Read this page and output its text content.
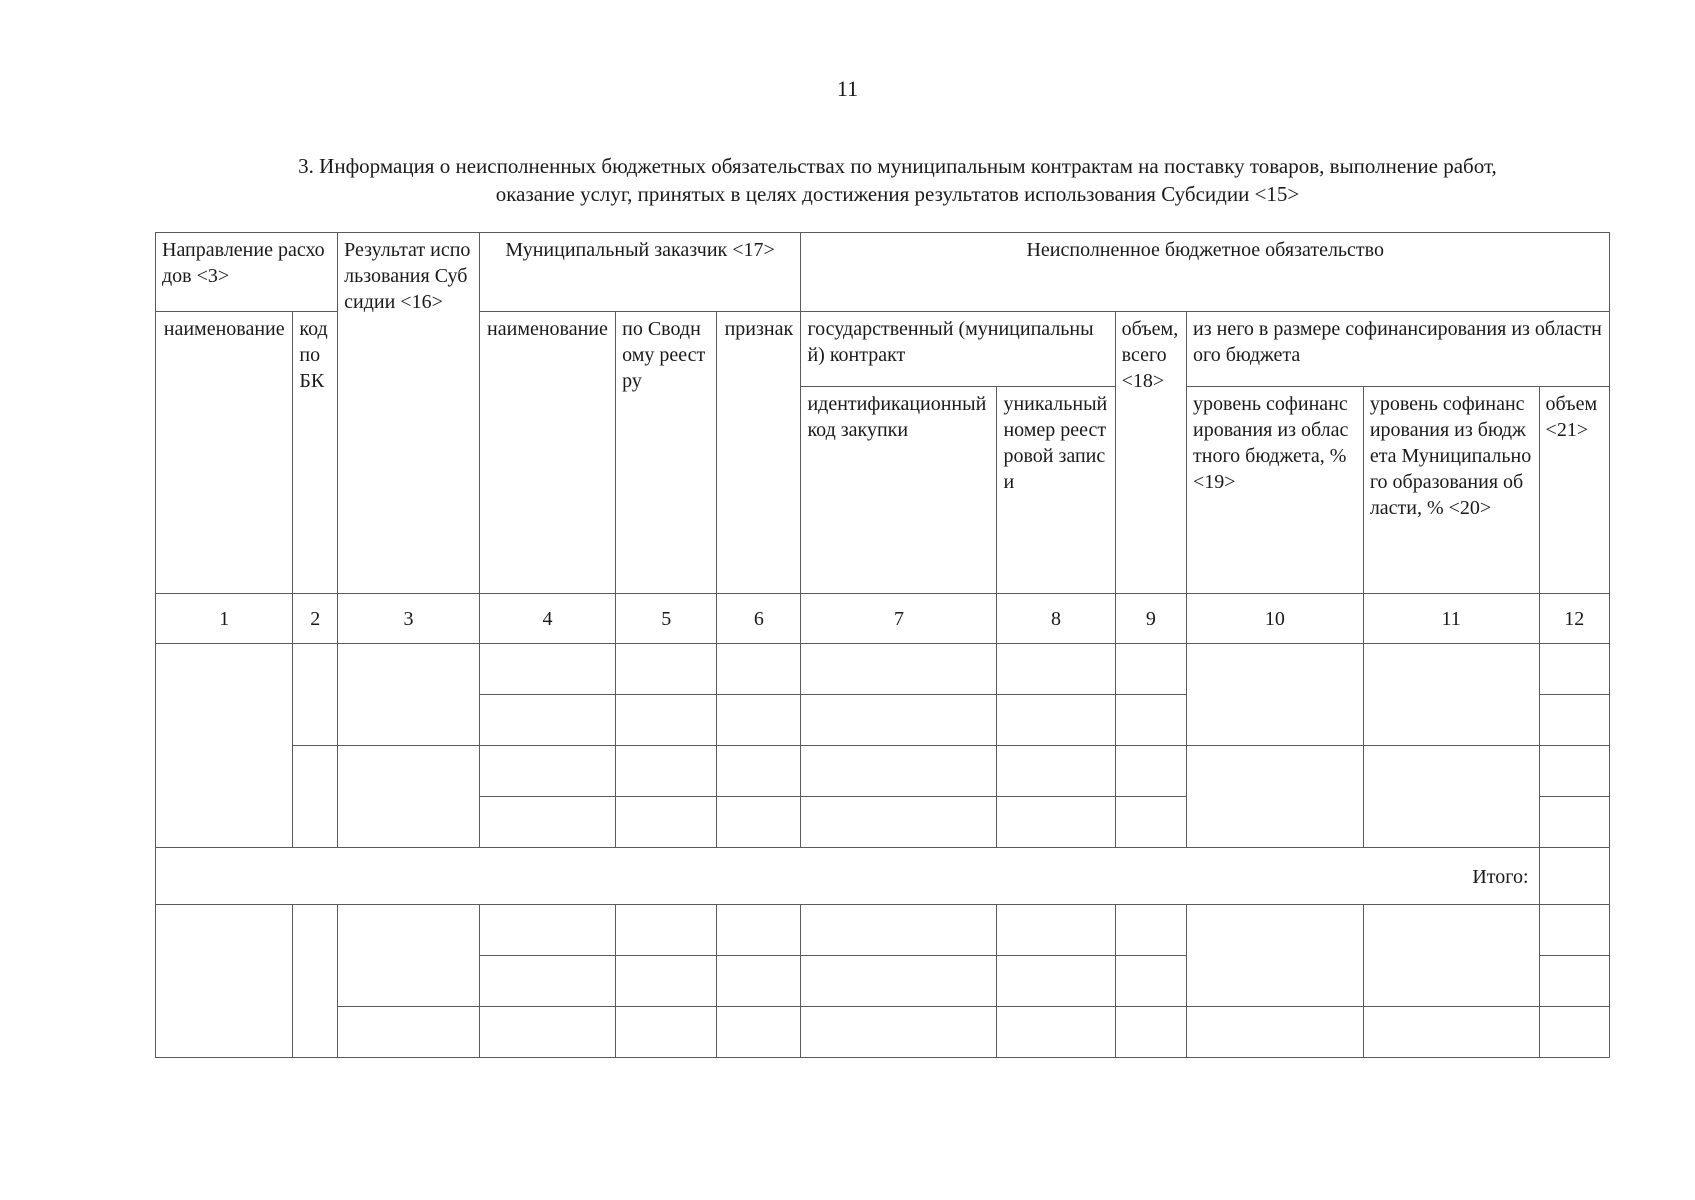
11
3. Информация о неисполненных бюджетных обязательствах по муниципальным контрактам на поставку товаров, выполнение работ,
оказание услуг, принятых в целях достижения результатов использования Субсидии <15>
Направление расходов <3>		Результат использования Субсидии <16>	Муниципальный заказчик <17>			Неисполненное бюджетное обязательство					
наименование	код по БК		наименование	по Сводному реестру	признак	государственный (муниципальный) контракт		объем, всего <18>	из него в размере софинансирования из областного бюджета		
						идентификационный код закупки	уникальный номер реестровой записи		уровень софинансирования из областного бюджета, % <19>	уровень софинансирования из бюджета Муниципального образования области, % <20>	объем <21>
1	2	3	4	5	6	7	8	9	10	11	12

Итого:											
